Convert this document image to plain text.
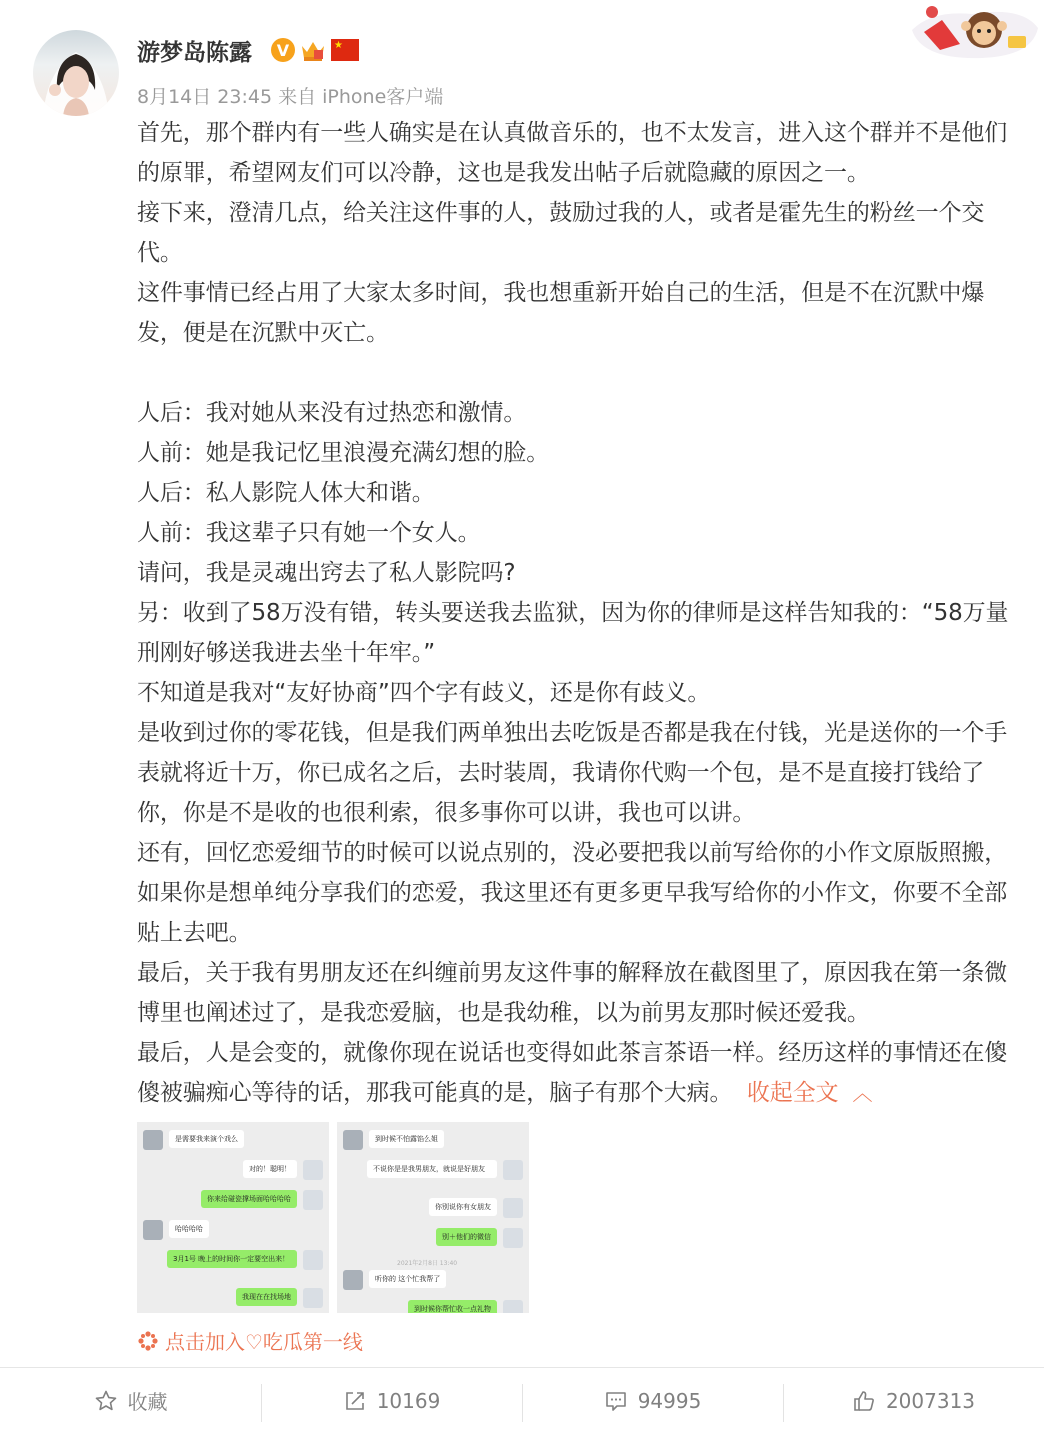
游梦岛陈露	V	★
8月14日 23:45 来自 iPhone客户端

首先，那个群内有一些人确实是在认真做音乐的，也不太发言，进入这个群并不是他们的原罪，希望网友们可以冷静，这也是我发出帖子后就隐藏的原因之一。

接下来，澄清几点，给关注这件事的人，鼓励过我的人，或者是霍先生的粉丝一个交代。

这件事情已经占用了大家太多时间，我也想重新开始自己的生活，但是不在沉默中爆发，便是在沉默中灭亡。

人后：我对她从来没有过热恋和激情。

人前：她是我记忆里浪漫充满幻想的脸。

人后：私人影院人体大和谐。

人前：我这辈子只有她一个女人。

请问，我是灵魂出窍去了私人影院吗?

另：收到了58万没有错，转头要送我去监狱，因为你的律师是这样告知我的：“58万量刑刚好够送我进去坐十年牢。”

不知道是我对“友好协商”四个字有歧义，还是你有歧义。

是收到过你的零花钱，但是我们两单独出去吃饭是否都是我在付钱，光是送你的一个手表就将近十万，你已成名之后，去时装周，我请你代购一个包，是不是直接打钱给了你，你是不是收的也很利索，很多事你可以讲，我也可以讲。

还有，回忆恋爱细节的时候可以说点别的，没必要把我以前写给你的小作文原版照搬，如果你是想单纯分享我们的恋爱，我这里还有更多更早我写给你的小作文，你要不全部贴上去吧。

最后，关于我有男朋友还在纠缠前男友这件事的解释放在截图里了，原因我在第一条微博里也阐述过了，是我恋爱脑，也是我幼稚，以为前男友那时候还爱我。

最后，人是会变的，就像你现在说话也变得如此茶言茶语一样。经历这样的事情还在傻傻被骗痴心等待的话，那我可能真的是，脑子有那个大病。 收起全文 ︿

是需要我来演个戏么
对的！聪明！
你来给碰瓷撑场面哈哈哈哈
哈哈哈哈
3月1号 晚上的时间你一定要空出来！
我现在在找场地
到时候不怕露馅么姐
不说你是是我男朋友，就说是好朋友
你别说你有女朋友
别＋他们的微信
2021年2月8日 13:40
听你的 这个忙我帮了
到时候你帮忙收一点礼物
点击加入♡吃瓜第一线
收藏	10169	94995	2007313
